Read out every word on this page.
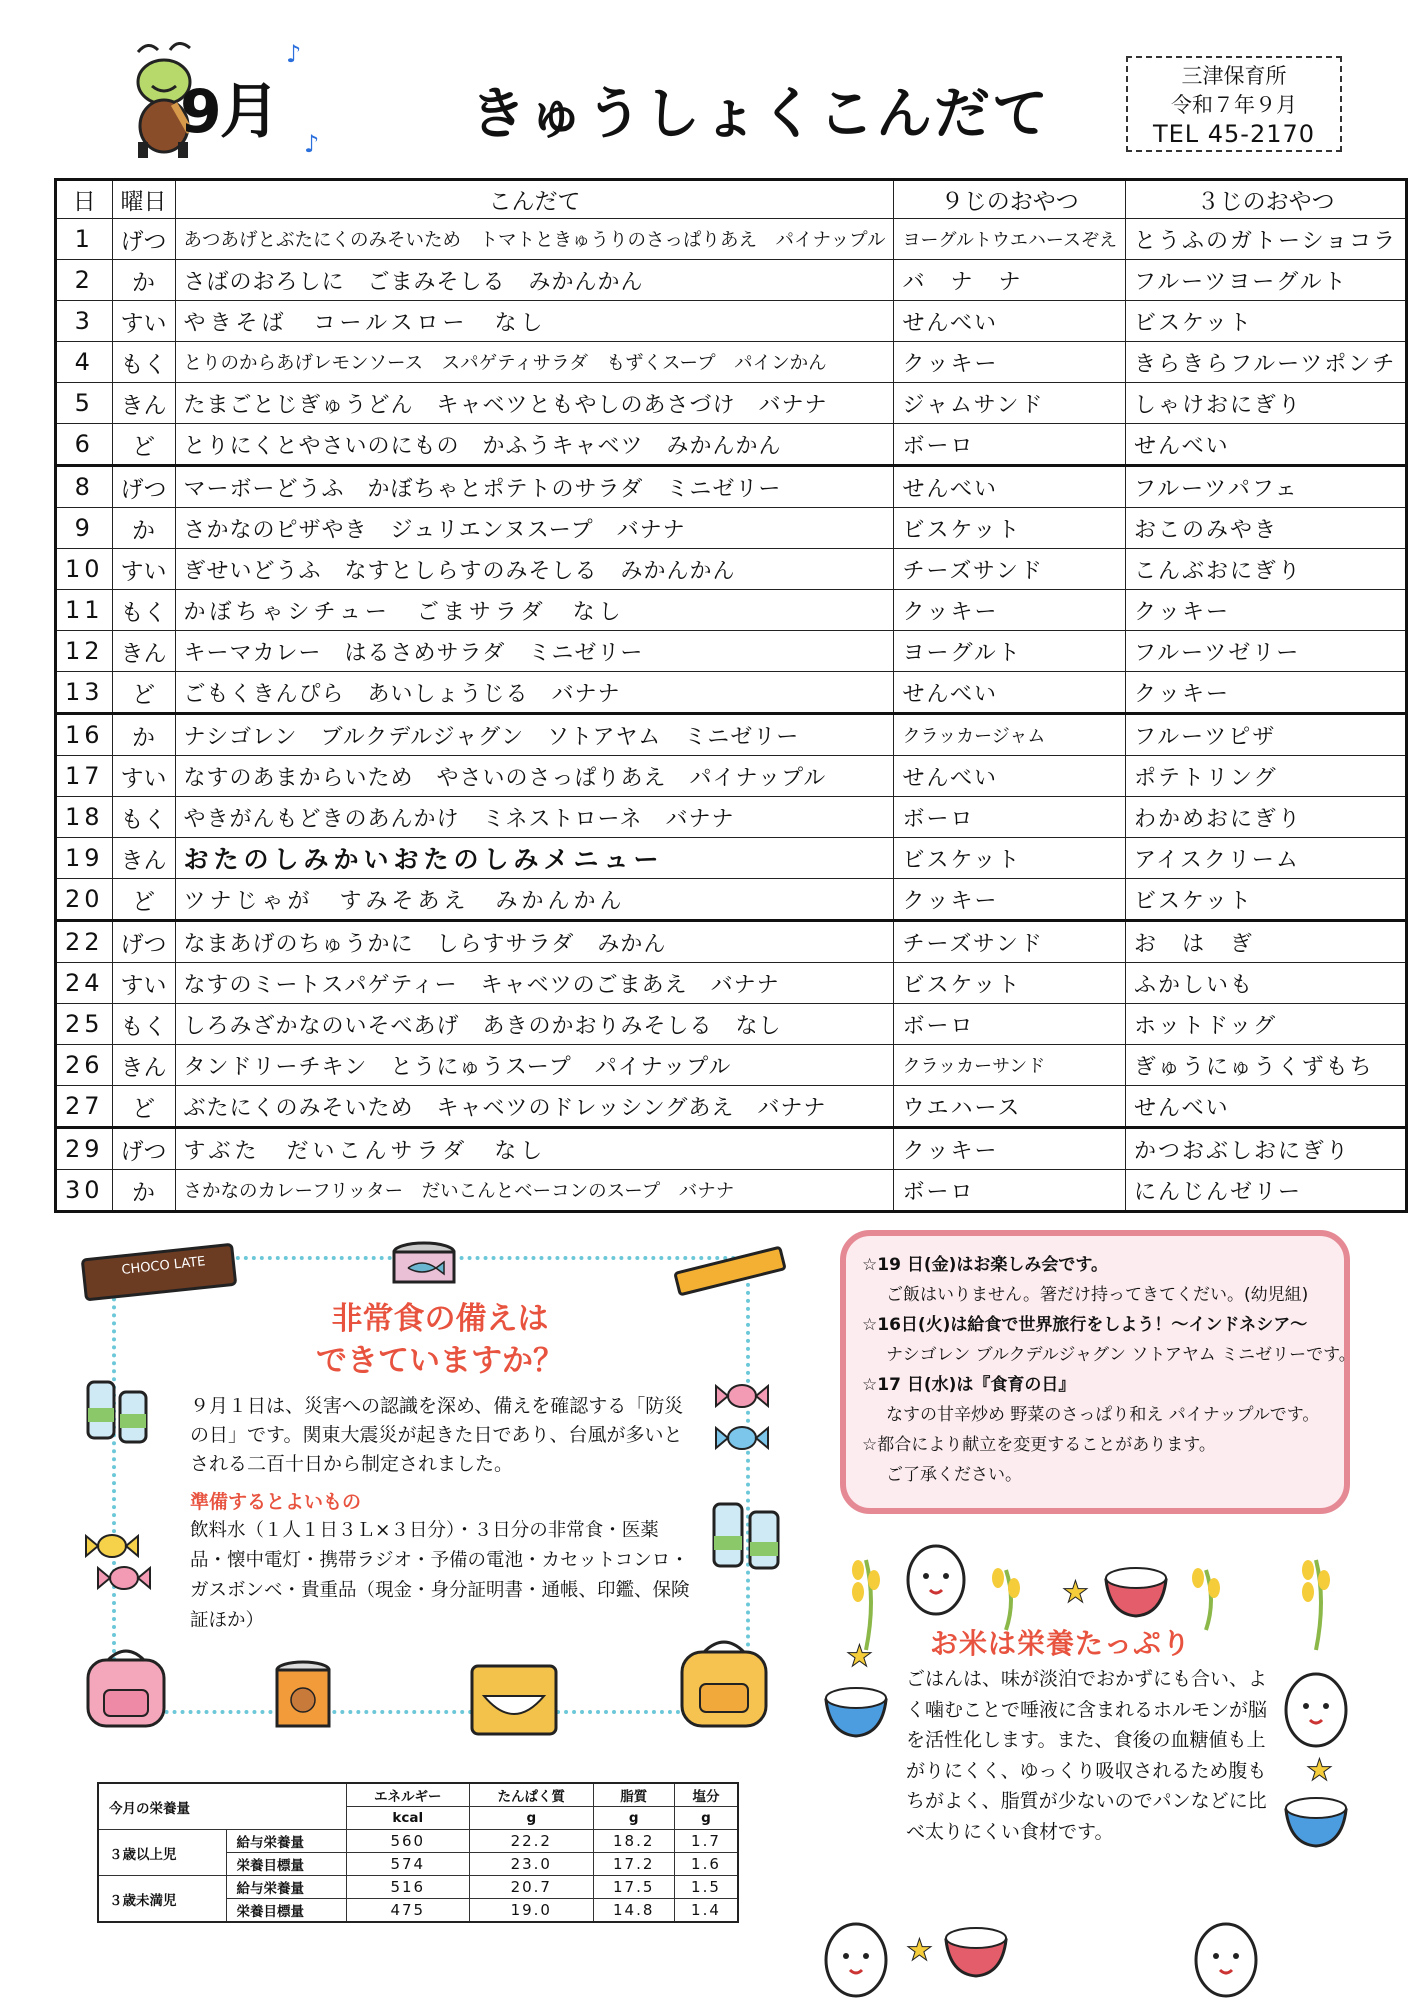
♪
♪
9月	きゅうしょくこんだて
三津保育所
令和７年９月
TEL 45-2170
日	曜日	こんだて	９じのおやつ	３じのおやつ
1	げつ	あつあげとぶたにくのみそいため　トマトときゅうりのさっぱりあえ　パイナップル	ヨーグルトウエハースぞえ	とうふのガトーショコラ
2	か	さばのおろしに　ごまみそしる　みかんかん	バ　ナ　ナ	フルーツヨーグルト
3	すい	やきそば　コールスロー　なし	せんべい	ビスケット
4	もく	とりのからあげレモンソース　スパゲティサラダ　もずくスープ　パインかん	クッキー	きらきらフルーツポンチ
5	きん	たまごとじぎゅうどん　キャベツともやしのあさづけ　バナナ	ジャムサンド	しゃけおにぎり
6	ど	とりにくとやさいのにもの　かふうキャベツ　みかんかん	ボーロ	せんべい
8	げつ	マーボーどうふ　かぼちゃとポテトのサラダ　ミニゼリー	せんべい	フルーツパフェ
9	か	さかなのピザやき　ジュリエンヌスープ　バナナ	ビスケット	おこのみやき
10	すい	ぎせいどうふ　なすとしらすのみそしる　みかんかん	チーズサンド	こんぶおにぎり
11	もく	かぼちゃシチュー　ごまサラダ　なし	クッキー	クッキー
12	きん	キーマカレー　はるさめサラダ　ミニゼリー	ヨーグルト	フルーツゼリー
13	ど	ごもくきんぴら　あいしょうじる　バナナ	せんべい	クッキー
16	か	ナシゴレン　ブルクデルジャグン　ソトアヤム　ミニゼリー	クラッカージャム	フルーツピザ
17	すい	なすのあまからいため　やさいのさっぱりあえ　パイナップル	せんべい	ポテトリング
18	もく	やきがんもどきのあんかけ　ミネストローネ　バナナ	ボーロ	わかめおにぎり
19	きん	おたのしみかいおたのしみメニュー	ビスケット	アイスクリーム
20	ど	ツナじゃが　すみそあえ　みかんかん	クッキー	ビスケット
22	げつ	なまあげのちゅうかに　しらすサラダ　みかん	チーズサンド	お　は　ぎ
24	すい	なすのミートスパゲティー　キャベツのごまあえ　バナナ	ビスケット	ふかしいも
25	もく	しろみざかなのいそべあげ　あきのかおりみそしる　なし	ボーロ	ホットドッグ
26	きん	タンドリーチキン　とうにゅうスープ　パイナップル	クラッカーサンド	ぎゅうにゅうくずもち
27	ど	ぶたにくのみそいため　キャベツのドレッシングあえ　バナナ	ウエハース	せんべい
29	げつ	すぶた　だいこんサラダ　なし	クッキー	かつおぶしおにぎり
30	か	さかなのカレーフリッター　だいこんとベーコンのスープ　バナナ	ボーロ	にんじんゼリー
CHOCO LATE
非常食の備えは
できていますか？
９月１日は、災害への認識を深め、備えを確認する「防災の日」です。関東大震災が起きた日であり、台風が多いとされる二百十日から制定されました。
準備するとよいもの
飲料水（１人１日３Ｌ×３日分）・３日分の非常食・医薬品・懐中電灯・携帯ラジオ・予備の電池・カセットコンロ・ガスボンベ・貴重品（現金・身分証明書・通帳、印鑑、保険証ほか）
今月の栄養量		エネルギー	たんぱく質	脂質	塩分
		kcal	g	g	g
３歳以上児	給与栄養量	560	22.2	18.2	1.7
	栄養目標量	574	23.0	17.2	1.6
３歳未満児	給与栄養量	516	20.7	17.5	1.5
	栄養目標量	475	19.0	14.8	1.4
☆19 日(金)はお楽しみ会です。
ご飯はいりません。箸だけ持ってきてくだい。(幼児組)
☆16日(火)は給食で世界旅行をしよう！～インドネシア～
ナシゴレン ブルクデルジャグン ソトアヤム ミニゼリーです。
☆17 日(水)は『食育の日』
なすの甘辛炒め 野菜のさっぱり和え パイナップルです。
☆都合により献立を変更することがあります。
ご了承ください。
★
★
★
★
お米は栄養たっぷり
ごはんは、味が淡泊でおかずにも合い、よく噛むことで唾液に含まれるホルモンが脳を活性化します。また、食後の血糖値も上がりにくく、ゆっくり吸収されるため腹もちがよく、脂質が少ないのでパンなどに比べ太りにくい食材です。
